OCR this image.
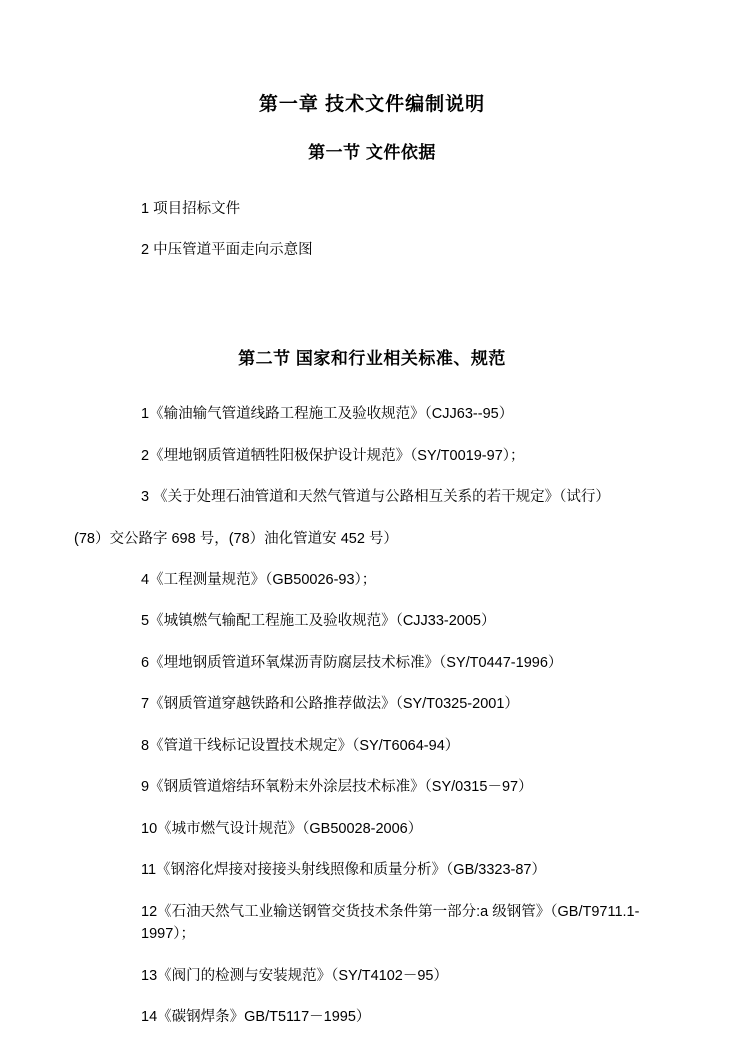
第一章 技术文件编制说明
第一节 文件依据
1 项目招标文件
2 中压管道平面走向示意图
第二节 国家和行业相关标准、规范
1《输油输气管道线路工程施工及验收规范》（CJJ63--95）
2《埋地钢质管道牺牲阳极保护设计规范》（SY/T0019-97）；
3 《关于处理石油管道和天然气管道与公路相互关系的若干规定》（试行）
(78）交公路字 698 号，(78）油化管道安 452 号）
4《工程测量规范》（GB50026-93）；
5《城镇燃气输配工程施工及验收规范》（CJJ33-2005）
6《埋地钢质管道环氧煤沥青防腐层技术标准》（SY/T0447-1996）
7《钢质管道穿越铁路和公路推荐做法》（SY/T0325-2001）
8《管道干线标记设置技术规定》（SY/T6064-94）
9《钢质管道熔结环氧粉末外涂层技术标准》（SY/0315－97）
10《城市燃气设计规范》（GB50028-2006）
11《钢溶化焊接对接接头射线照像和质量分析》（GB/3323-87）
12《石油天然气工业输送钢管交货技术条件第一部分:a 级钢管》（GB/T9711.1-1997）；
13《阀门的检测与安装规范》（SY/T4102－95）
14《碳钢焊条》GB/T5117－1995）
